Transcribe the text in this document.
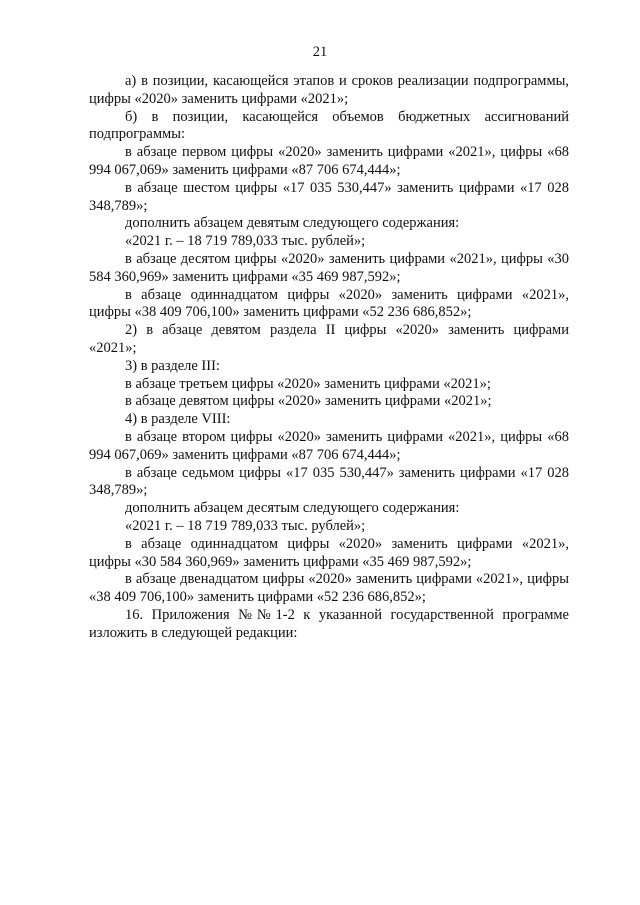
21

а) в позиции, касающейся этапов и сроков реализации подпрограммы, цифры «2020» заменить цифрами «2021»;

б) в позиции, касающейся объемов бюджетных ассигнований подпрограммы:

в абзаце первом цифры «2020» заменить цифрами «2021», цифры «68 994 067,069» заменить цифрами «87 706 674,444»;

в абзаце шестом цифры «17 035 530,447» заменить цифрами «17 028 348,789»;

дополнить абзацем девятым следующего содержания:

«2021 г. – 18 719 789,033 тыс. рублей»;

в абзаце десятом цифры «2020» заменить цифрами «2021», цифры «30 584 360,969» заменить цифрами «35 469 987,592»;

в абзаце одиннадцатом цифры «2020» заменить цифрами «2021», цифры «38 409 706,100» заменить цифрами «52 236 686,852»;

2) в абзаце девятом раздела II цифры «2020» заменить цифрами «2021»;

3) в разделе III:

в абзаце третьем цифры «2020» заменить цифрами «2021»;

в абзаце девятом цифры «2020» заменить цифрами «2021»;

4) в разделе VIII:

в абзаце втором цифры «2020» заменить цифрами «2021», цифры «68 994 067,069» заменить цифрами «87 706 674,444»;

в абзаце седьмом цифры «17 035 530,447» заменить цифрами «17 028 348,789»;

дополнить абзацем десятым следующего содержания:

«2021 г. – 18 719 789,033 тыс. рублей»;

в абзаце одиннадцатом цифры «2020» заменить цифрами «2021», цифры «30 584 360,969» заменить цифрами «35 469 987,592»;

в абзаце двенадцатом цифры «2020» заменить цифрами «2021», цифры «38 409 706,100» заменить цифрами «52 236 686,852»;

16. Приложения №№1-2 к указанной государственной программе изложить в следующей редакции:
